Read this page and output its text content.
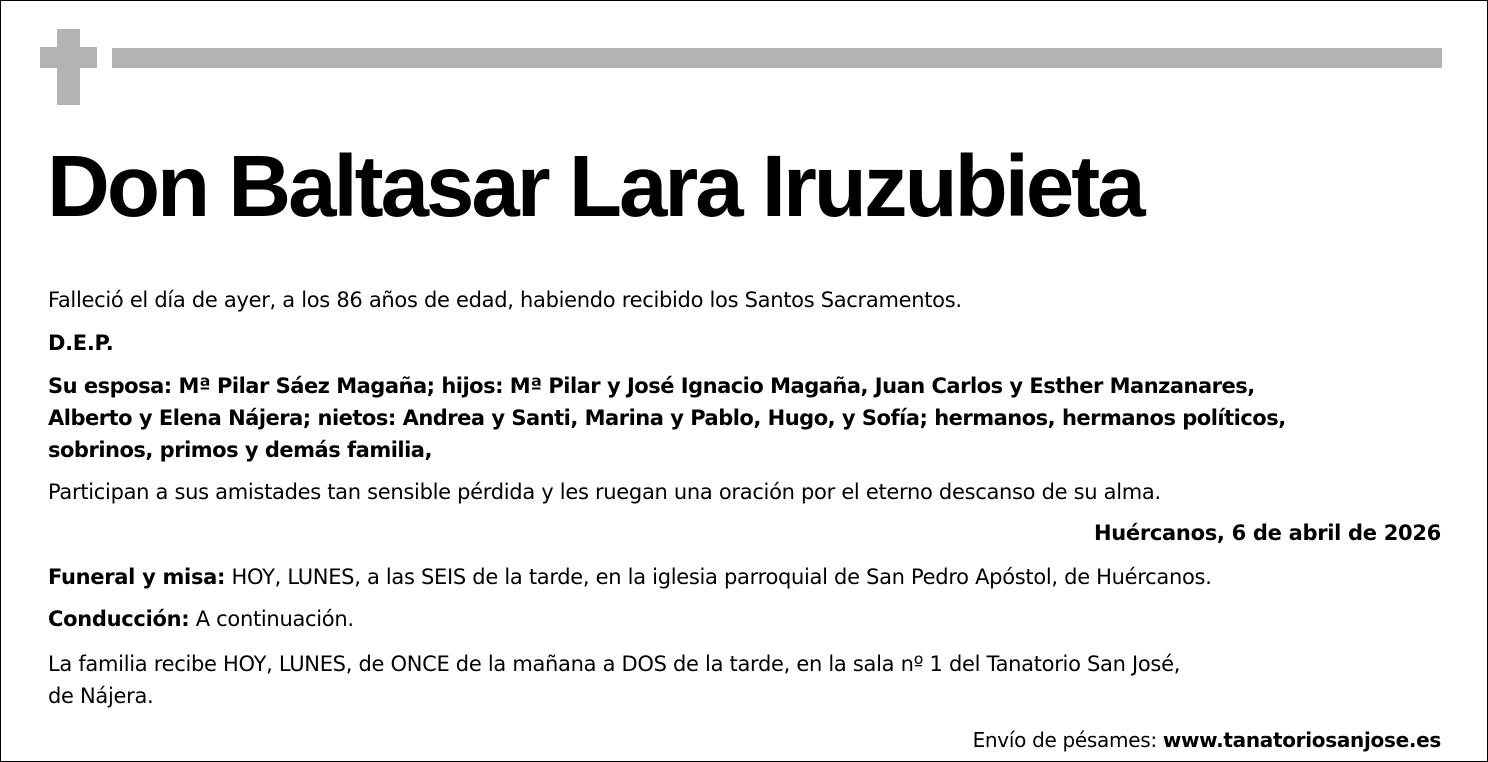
Don Baltasar Lara Iruzubieta
Falleció el día de ayer, a los 86 años de edad, habiendo recibido los Santos Sacramentos.
D.E.P.
Su esposa: Mª Pilar Sáez Magaña; hijos: Mª Pilar y José Ignacio Magaña, Juan Carlos y Esther Manzanares,
Alberto y Elena Nájera; nietos: Andrea y Santi, Marina y Pablo, Hugo, y Sofía; hermanos, hermanos políticos,
sobrinos, primos y demás familia,
Participan a sus amistades tan sensible pérdida y les ruegan una oración por el eterno descanso de su alma.
Huércanos, 6 de abril de 2026
Funeral y misa: HOY, LUNES, a las SEIS de la tarde, en la iglesia parroquial de San Pedro Apóstol, de Huércanos.
Conducción: A continuación.
La familia recibe HOY, LUNES, de ONCE de la mañana a DOS de la tarde, en la sala nº 1 del Tanatorio San José,
de Nájera.
Envío de pésames: www.tanatoriosanjose.es
